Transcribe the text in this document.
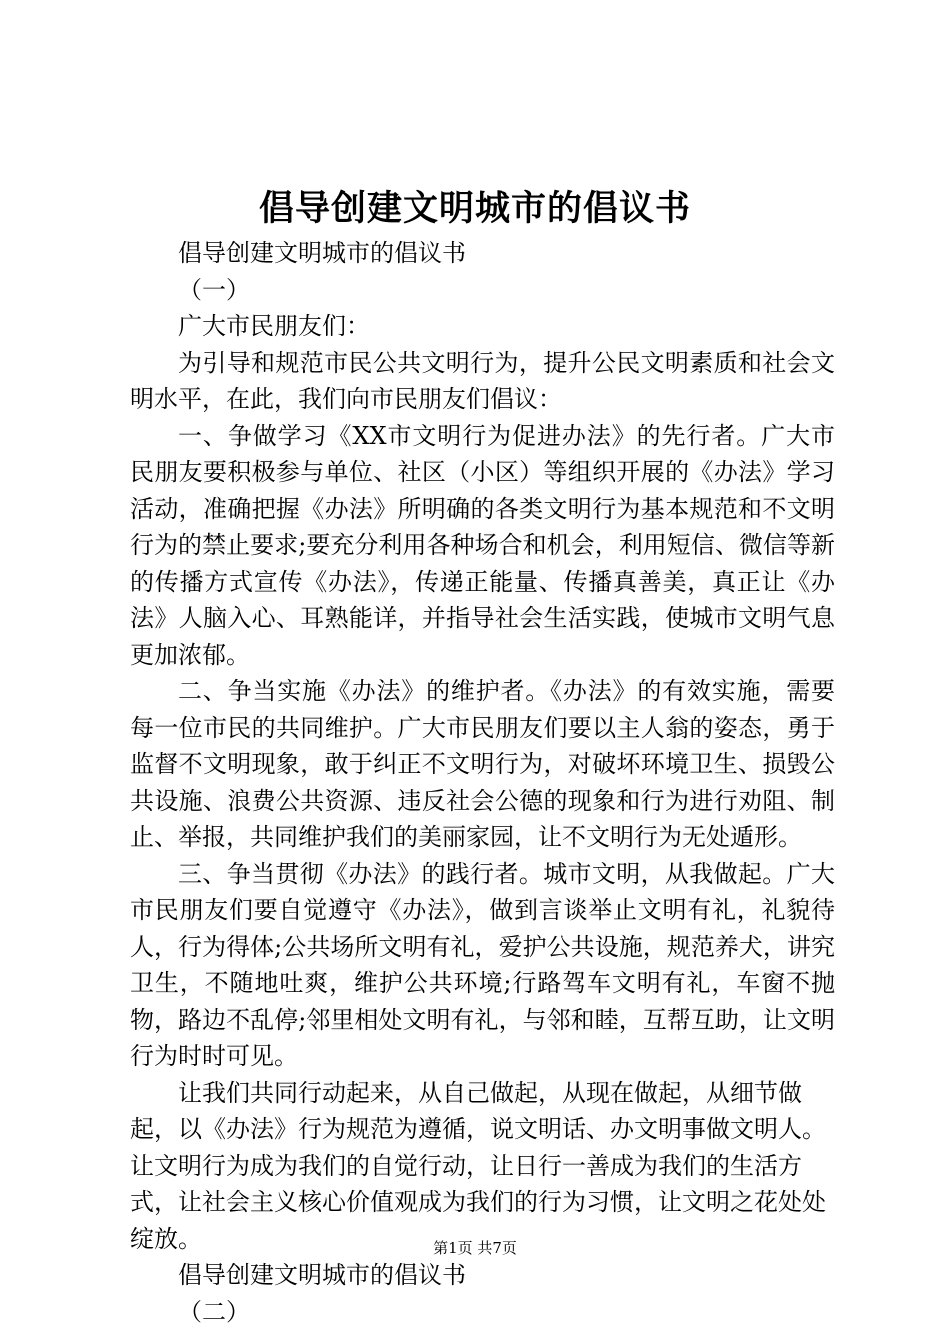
倡导创建文明城市的倡议书

倡导创建文明城市的倡议书

（一）

广大市民朋友们：

为引导和规范市民公共文明行为，提升公民文明素质和社会文明水平，在此，我们向市民朋友们倡议：

一、争做学习《XX市文明行为促进办法》的先行者。广大市民朋友要积极参与单位、社区（小区）等组织开展的《办法》学习活动，准确把握《办法》所明确的各类文明行为基本规范和不文明行为的禁止要求;要充分利用各种场合和机会，利用短信、微信等新的传播方式宣传《办法》，传递正能量、传播真善美，真正让《办法》人脑入心、耳熟能详，并指导社会生活实践，使城市文明气息更加浓郁。

二、争当实施《办法》的维护者。《办法》的有效实施，需要每一位市民的共同维护。广大市民朋友们要以主人翁的姿态，勇于监督不文明现象，敢于纠正不文明行为，对破坏环境卫生、损毁公共设施、浪费公共资源、违反社会公德的现象和行为进行劝阻、制止、举报，共同维护我们的美丽家园，让不文明行为无处遁形。

三、争当贯彻《办法》的践行者。城市文明，从我做起。广大市民朋友们要自觉遵守《办法》，做到言谈举止文明有礼，礼貌待人，行为得体;公共场所文明有礼，爱护公共设施，规范养犬，讲究卫生，不随地吐爽，维护公共环境;行路驾车文明有礼，车窗不抛物，路边不乱停;邻里相处文明有礼，与邻和睦，互帮互助，让文明行为时时可见。

让我们共同行动起来，从自己做起，从现在做起，从细节做起，以《办法》行为规范为遵循，说文明话、办文明事做文明人。让文明行为成为我们的自觉行动，让日行一善成为我们的生活方式，让社会主义核心价值观成为我们的行为习惯，让文明之花处处绽放。

倡导创建文明城市的倡议书

（二）

第1页 共7页
